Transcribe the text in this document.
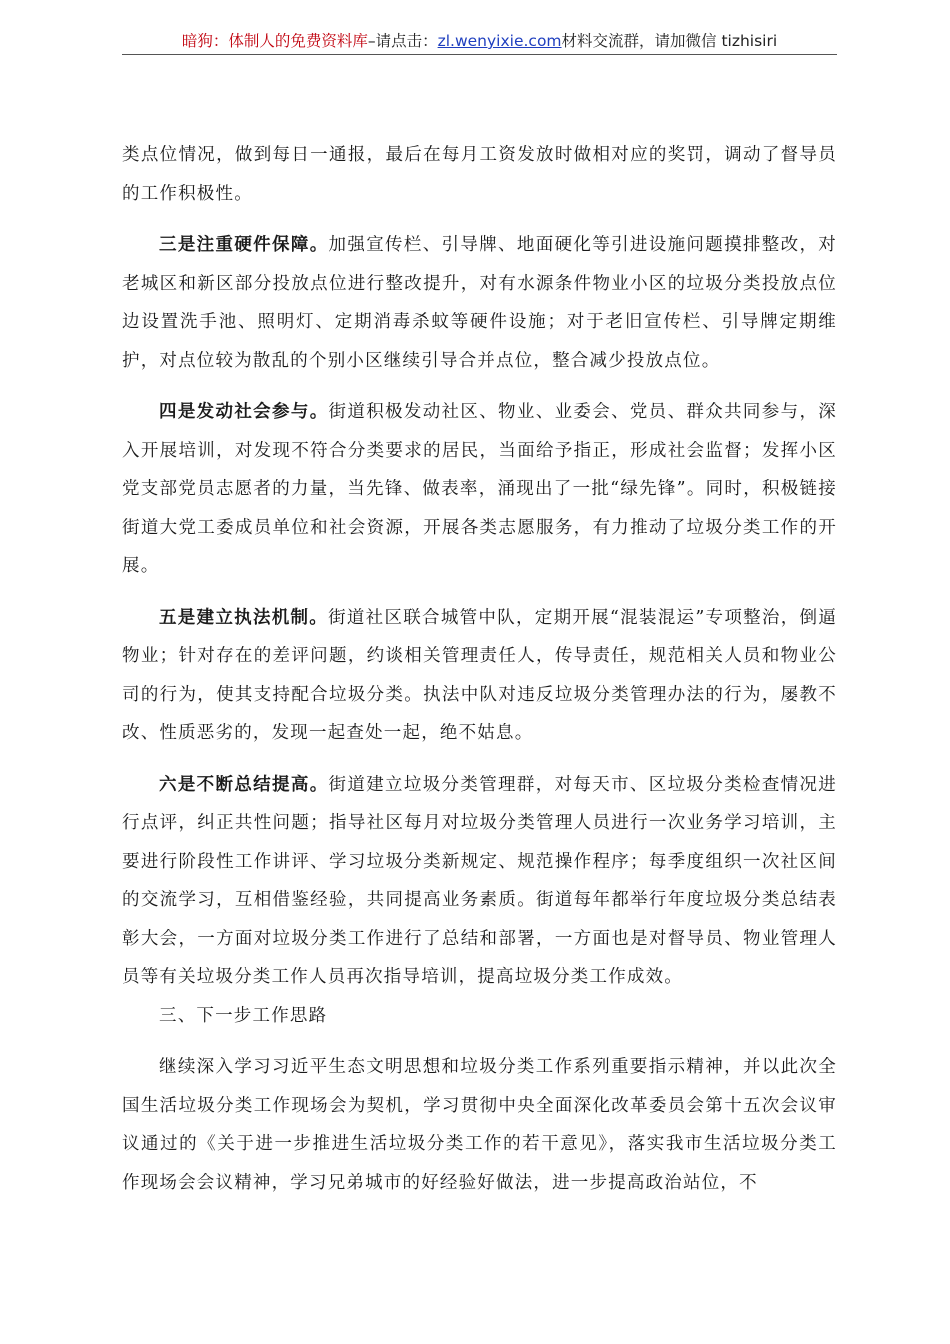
暗狗：体制人的免费资料库–请点击：zl.wenyixie.com材料交流群，请加微信 tizhisiri

类点位情况，做到每日一通报，最后在每月工资发放时做相对应的奖罚，调动了督导员的工作积极性。

三是注重硬件保障。加强宣传栏、引导牌、地面硬化等引进设施问题摸排整改，对老城区和新区部分投放点位进行整改提升，对有水源条件物业小区的垃圾分类投放点位边设置洗手池、照明灯、定期消毒杀蚊等硬件设施；对于老旧宣传栏、引导牌定期维护，对点位较为散乱的个别小区继续引导合并点位，整合减少投放点位。

四是发动社会参与。街道积极发动社区、物业、业委会、党员、群众共同参与，深入开展培训，对发现不符合分类要求的居民，当面给予指正，形成社会监督；发挥小区党支部党员志愿者的力量，当先锋、做表率，涌现出了一批“绿先锋”。同时，积极链接街道大党工委成员单位和社会资源，开展各类志愿服务，有力推动了垃圾分类工作的开展。

五是建立执法机制。街道社区联合城管中队，定期开展“混装混运”专项整治，倒逼物业；针对存在的差评问题，约谈相关管理责任人，传导责任，规范相关人员和物业公司的行为，使其支持配合垃圾分类。执法中队对违反垃圾分类管理办法的行为，屡教不改、性质恶劣的，发现一起查处一起，绝不姑息。

六是不断总结提高。街道建立垃圾分类管理群，对每天市、区垃圾分类检查情况进行点评，纠正共性问题；指导社区每月对垃圾分类管理人员进行一次业务学习培训，主要进行阶段性工作讲评、学习垃圾分类新规定、规范操作程序；每季度组织一次社区间的交流学习，互相借鉴经验，共同提高业务素质。街道每年都举行年度垃圾分类总结表彰大会，一方面对垃圾分类工作进行了总结和部署，一方面也是对督导员、物业管理人员等有关垃圾分类工作人员再次指导培训，提高垃圾分类工作成效。

三、下一步工作思路

继续深入学习习近平生态文明思想和垃圾分类工作系列重要指示精神，并以此次全国生活垃圾分类工作现场会为契机，学习贯彻中央全面深化改革委员会第十五次会议审议通过的《关于进一步推进生活垃圾分类工作的若干意见》，落实我市生活垃圾分类工作现场会会议精神，学习兄弟城市的好经验好做法，进一步提高政治站位，不
